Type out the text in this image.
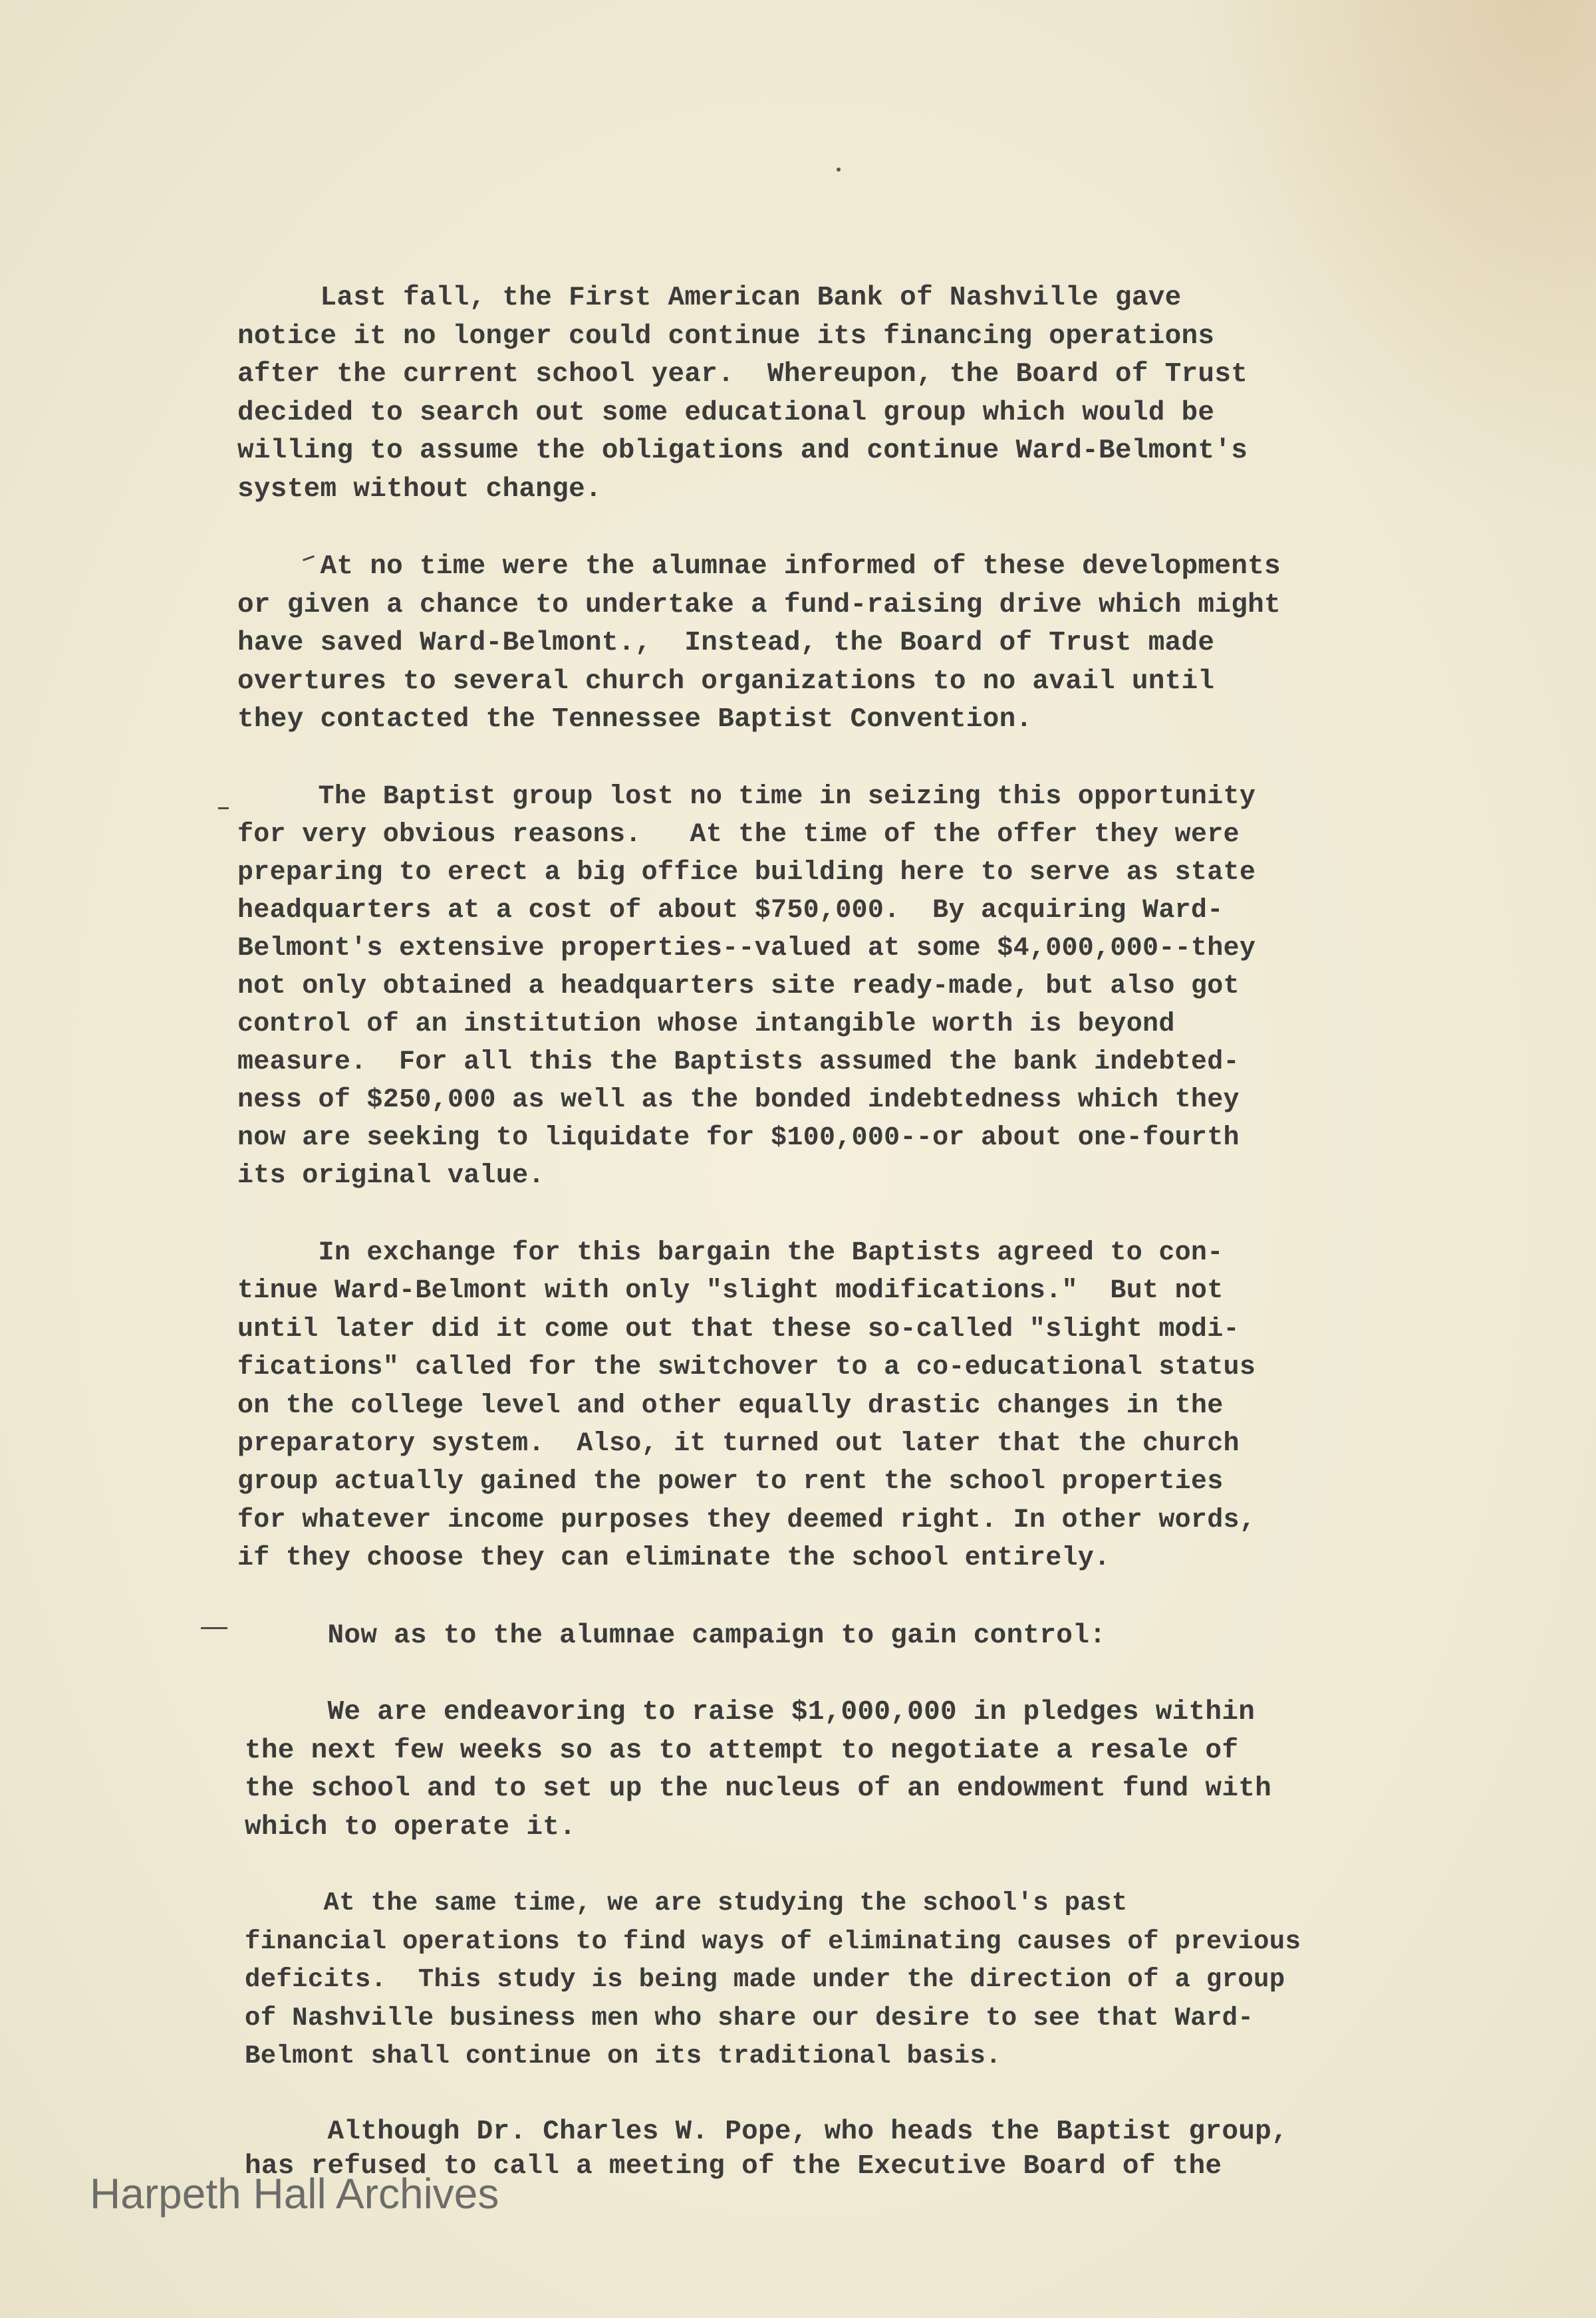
Last fall, the First American Bank of Nashville gave
notice it no longer could continue its financing operations
after the current school year.  Whereupon, the Board of Trust
decided to search out some educational group which would be
willing to assume the obligations and continue Ward-Belmont's
system without change.

At no time were the alumnae informed of these developments
or given a chance to undertake a fund-raising drive which might
have saved Ward-Belmont.,  Instead, the Board of Trust made
overtures to several church organizations to no avail until
they contacted the Tennessee Baptist Convention.

The Baptist group lost no time in seizing this opportunity
for very obvious reasons.   At the time of the offer they were
preparing to erect a big office building here to serve as state
headquarters at a cost of about $750,000.  By acquiring Ward-
Belmont's extensive properties--valued at some $4,000,000--they
not only obtained a headquarters site ready-made, but also got
control of an institution whose intangible worth is beyond
measure.  For all this the Baptists assumed the bank indebted-
ness of $250,000 as well as the bonded indebtedness which they
now are seeking to liquidate for $100,000--or about one-fourth
its original value.

In exchange for this bargain the Baptists agreed to con-
tinue Ward-Belmont with only "slight modifications."  But not
until later did it come out that these so-called "slight modi-
fications" called for the switchover to a co-educational status
on the college level and other equally drastic changes in the
preparatory system.  Also, it turned out later that the church
group actually gained the power to rent the school properties
for whatever income purposes they deemed right. In other words,
if they choose they can eliminate the school entirely.

Now as to the alumnae campaign to gain control:

We are endeavoring to raise $1,000,000 in pledges within
the next few weeks so as to attempt to negotiate a resale of
the school and to set up the nucleus of an endowment fund with
which to operate it.

At the same time, we are studying the school's past
financial operations to find ways of eliminating causes of previous
deficits.  This study is being made under the direction of a group
of Nashville business men who share our desire to see that Ward-
Belmont shall continue on its traditional basis.

Although Dr. Charles W. Pope, who heads the Baptist group,
has refused to call a meeting of the Executive Board of the

Harpeth Hall Archives
